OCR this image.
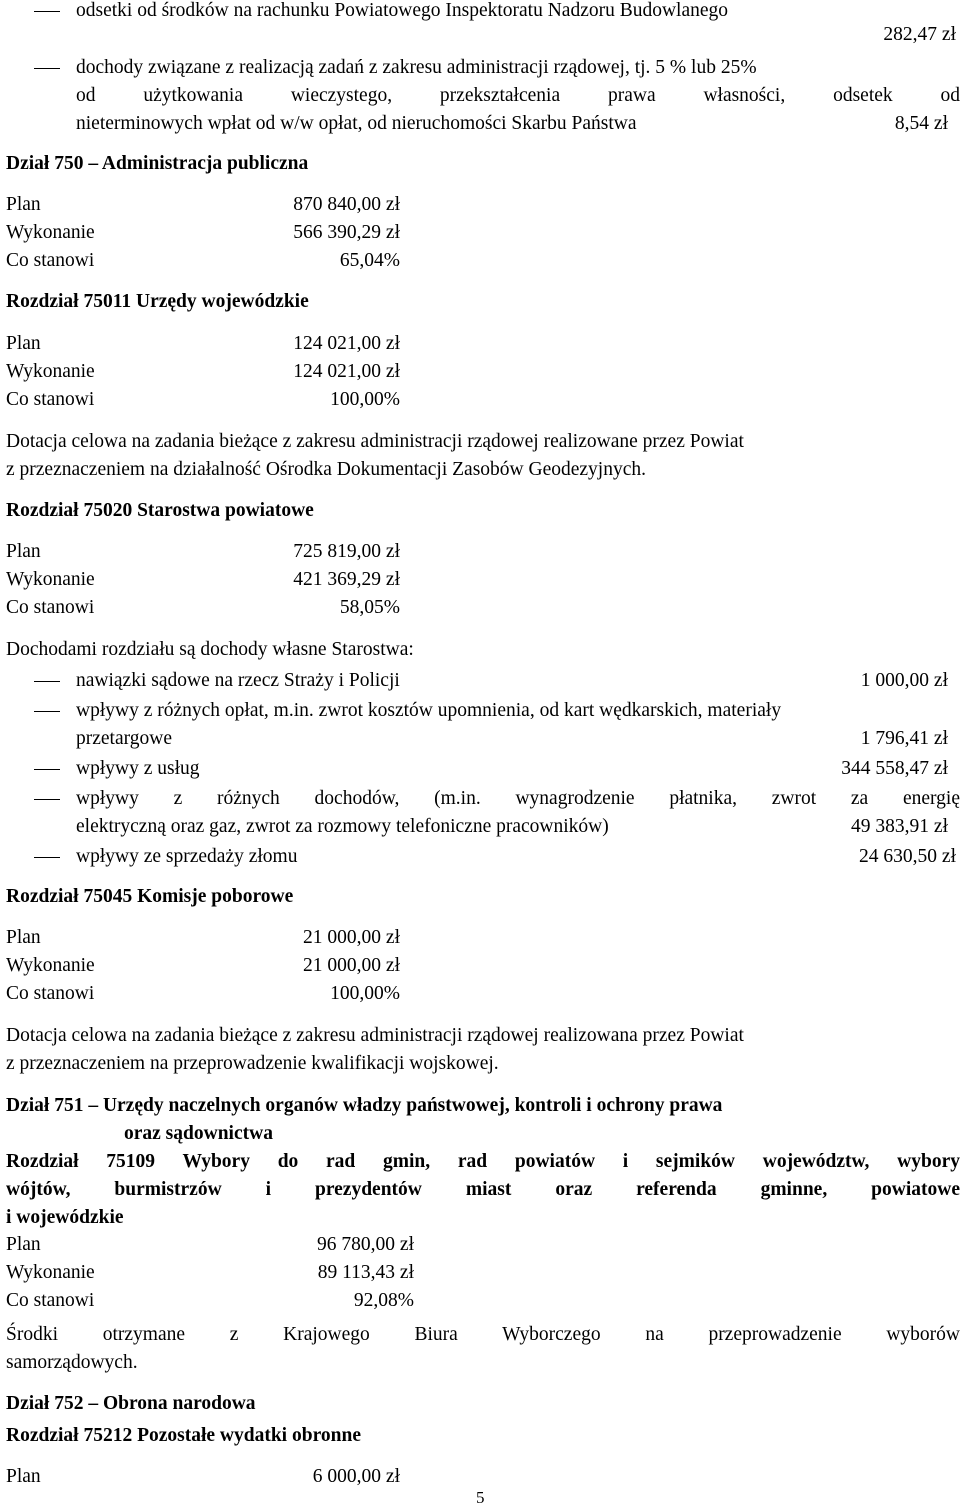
odsetki od środków na rachunku Powiatowego Inspektoratu Nadzoru Budowlanego
282,47 zł
dochody związane z realizacją zadań z zakresu administracji rządowej, tj. 5 % lub 25%
od użytkowania wieczystego, przekształcenia prawa własności, odsetek od
nieterminowych wpłat od w/w opłat, od nieruchomości Skarbu Państwa	8,54 zł
Dział 750 – Administracja publiczna
Plan	870 840,00 zł
Wykonanie	566 390,29 zł
Co stanowi	65,04%
Rozdział 75011 Urzędy wojewódzkie
Plan	124 021,00 zł
Wykonanie	124 021,00 zł
Co stanowi	100,00%
Dotacja celowa na zadania bieżące z zakresu administracji rządowej realizowane przez Powiat
z przeznaczeniem na działalność Ośrodka Dokumentacji Zasobów Geodezyjnych.
Rozdział 75020 Starostwa powiatowe
Plan	725 819,00 zł
Wykonanie	421 369,29 zł
Co stanowi	58,05%
Dochodami rozdziału są dochody własne Starostwa:
nawiązki sądowe na rzecz Straży i Policji	1 000,00 zł
wpływy z różnych opłat, m.in. zwrot kosztów upomnienia, od kart wędkarskich, materiały
przetargowe	1 796,41 zł
wpływy z usług	344 558,47 zł
wpływy z różnych dochodów, (m.in. wynagrodzenie płatnika, zwrot za energię
elektryczną oraz gaz, zwrot za rozmowy telefoniczne pracowników)	49 383,91 zł
wpływy ze sprzedaży złomu	24 630,50 zł
Rozdział 75045 Komisje poborowe
Plan	21 000,00 zł
Wykonanie	21 000,00 zł
Co stanowi	100,00%
Dotacja celowa na zadania bieżące z zakresu administracji rządowej realizowana przez Powiat
z przeznaczeniem na przeprowadzenie kwalifikacji wojskowej.
Dział 751 – Urzędy naczelnych organów władzy państwowej, kontroli i ochrony prawa
oraz sądownictwa
Rozdział 75109 Wybory do rad gmin, rad powiatów i sejmików województw, wybory
wójtów, burmistrzów i prezydentów miast oraz referenda gminne, powiatowe
i wojewódzkie
Plan	96 780,00 zł
Wykonanie	89 113,43 zł
Co stanowi	92,08%
Środki otrzymane z Krajowego Biura Wyborczego na przeprowadzenie wyborów
samorządowych.
Dział 752 – Obrona narodowa
Rozdział 75212 Pozostałe wydatki obronne
Plan	6 000,00 zł
5
